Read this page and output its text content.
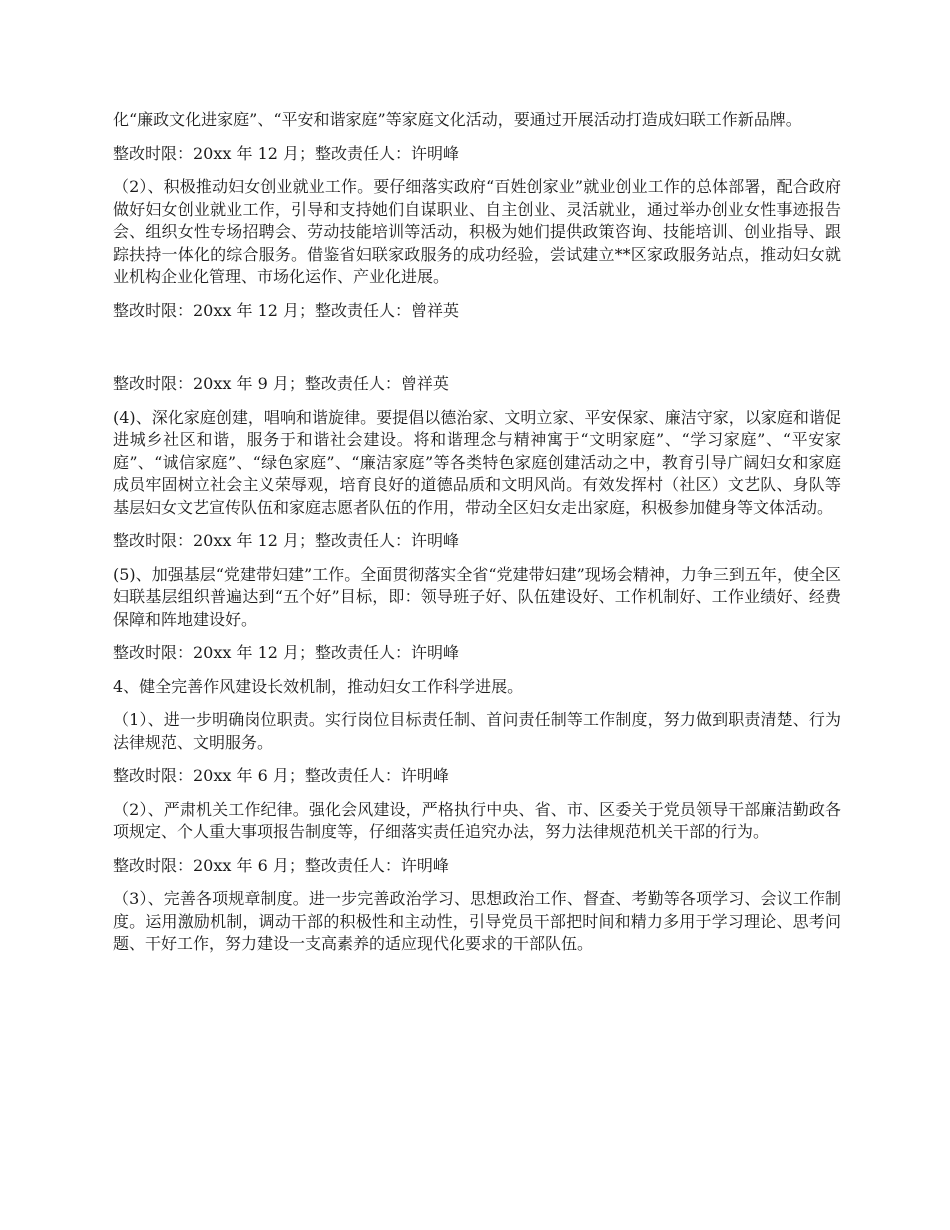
化“廉政文化进家庭”、“平安和谐家庭”等家庭文化活动，要通过开展活动打造成妇联工作新品牌。

整改时限：20xx 年 12 月；整改责任人：许明峰

（2）、积极推动妇女创业就业工作。要仔细落实政府“百姓创家业”就业创业工作的总体部署，配合政府做好妇女创业就业工作，引导和支持她们自谋职业、自主创业、灵活就业，通过举办创业女性事迹报告会、组织女性专场招聘会、劳动技能培训等活动，积极为她们提供政策咨询、技能培训、创业指导、跟踪扶持一体化的综合服务。借鉴省妇联家政服务的成功经验，尝试建立**区家政服务站点，推动妇女就业机构企业化管理、市场化运作、产业化进展。

整改时限：20xx 年 12 月；整改责任人：曾祥英

整改时限：20xx 年 9 月；整改责任人：曾祥英

(4)、深化家庭创建，唱响和谐旋律。要提倡以德治家、文明立家、平安保家、廉洁守家，以家庭和谐促进城乡社区和谐，服务于和谐社会建设。将和谐理念与精神寓于“文明家庭”、“学习家庭”、“平安家庭”、“诚信家庭”、“绿色家庭”、“廉洁家庭”等各类特色家庭创建活动之中，教育引导广阔妇女和家庭成员牢固树立社会主义荣辱观，培育良好的道德品质和文明风尚。有效发挥村（社区）文艺队、身队等基层妇女文艺宣传队伍和家庭志愿者队伍的作用，带动全区妇女走出家庭，积极参加健身等文体活动。

整改时限：20xx 年 12 月；整改责任人：许明峰

(5)、加强基层“党建带妇建”工作。全面贯彻落实全省“党建带妇建”现场会精神，力争三到五年，使全区妇联基层组织普遍达到“五个好”目标，即：领导班子好、队伍建设好、工作机制好、工作业绩好、经费保障和阵地建设好。

整改时限：20xx 年 12 月；整改责任人：许明峰

4、健全完善作风建设长效机制，推动妇女工作科学进展。

（1）、进一步明确岗位职责。实行岗位目标责任制、首问责任制等工作制度，努力做到职责清楚、行为法律规范、文明服务。

整改时限：20xx 年 6 月；整改责任人：许明峰

（2）、严肃机关工作纪律。强化会风建设，严格执行中央、省、市、区委关于党员领导干部廉洁勤政各项规定、个人重大事项报告制度等，仔细落实责任追究办法，努力法律规范机关干部的行为。

整改时限：20xx 年 6 月；整改责任人：许明峰

（3）、完善各项规章制度。进一步完善政治学习、思想政治工作、督查、考勤等各项学习、会议工作制度。运用激励机制，调动干部的积极性和主动性，引导党员干部把时间和精力多用于学习理论、思考问题、干好工作，努力建设一支高素养的适应现代化要求的干部队伍。
